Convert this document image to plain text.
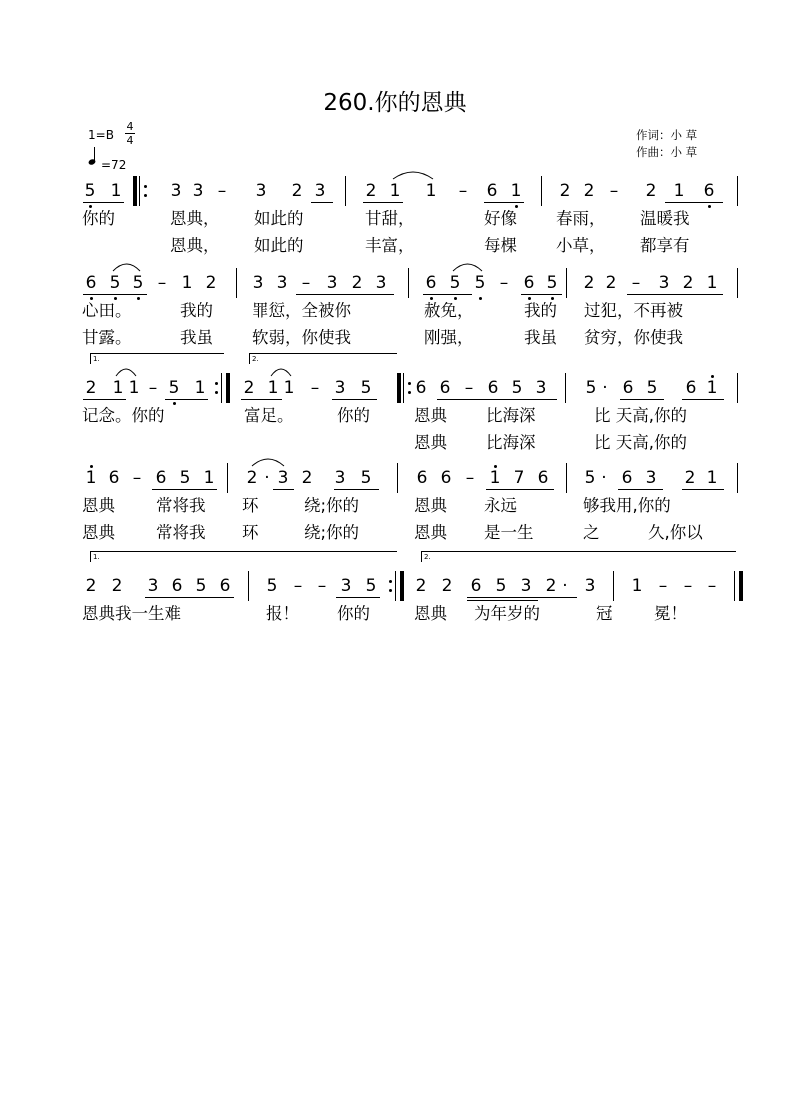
260.你的恩典
1=B
4
4
=72
作词：小 草
作曲：小 草
5 1	3 3 – 3 2 3 2 1 1 – 6 1 2 2 – 2 1 6
你的	恩典， 如此的	甘甜，	好像 春雨， 温暖我
恩典， 如此的	丰富，	每棵 小草， 都享有
6 5 5 – 1 2 3 3 – 3 2 3 6 5 5 – 6 5 2 2 – 3 2 1
心田。	我的 罪愆，全被你	赦免，	我的 过犯，不再被
甘露。	我虽 软弱，你使我	刚强，	我虽 贫穷，你使我
2 1 1 – 5 1 2 1 1 – 3 5	6 6 – 6 5 3 5 · 6 5 6 1
记念。你的	富足。	你的	恩典 比海深	比 天高,你的
恩典 比海深	比 天高,你的
1 6 – 6 5 1 2 · 3 2 3 5	6 6 – 1 7 6 5 · 6 3 2 1
恩典 常将我 环	绕;你的	恩典 永远	够我用,你的
恩典 常将我 环	绕;你的	恩典 是一生	之	久,你以
2 2 3 6 5 6 5 – – 3 5 2 2 6 5 3 2 · 3 1 – – –
恩典我一生难	报！ 你的	恩典 为年岁的	冠	冕！
1.	2.
1.	2.
